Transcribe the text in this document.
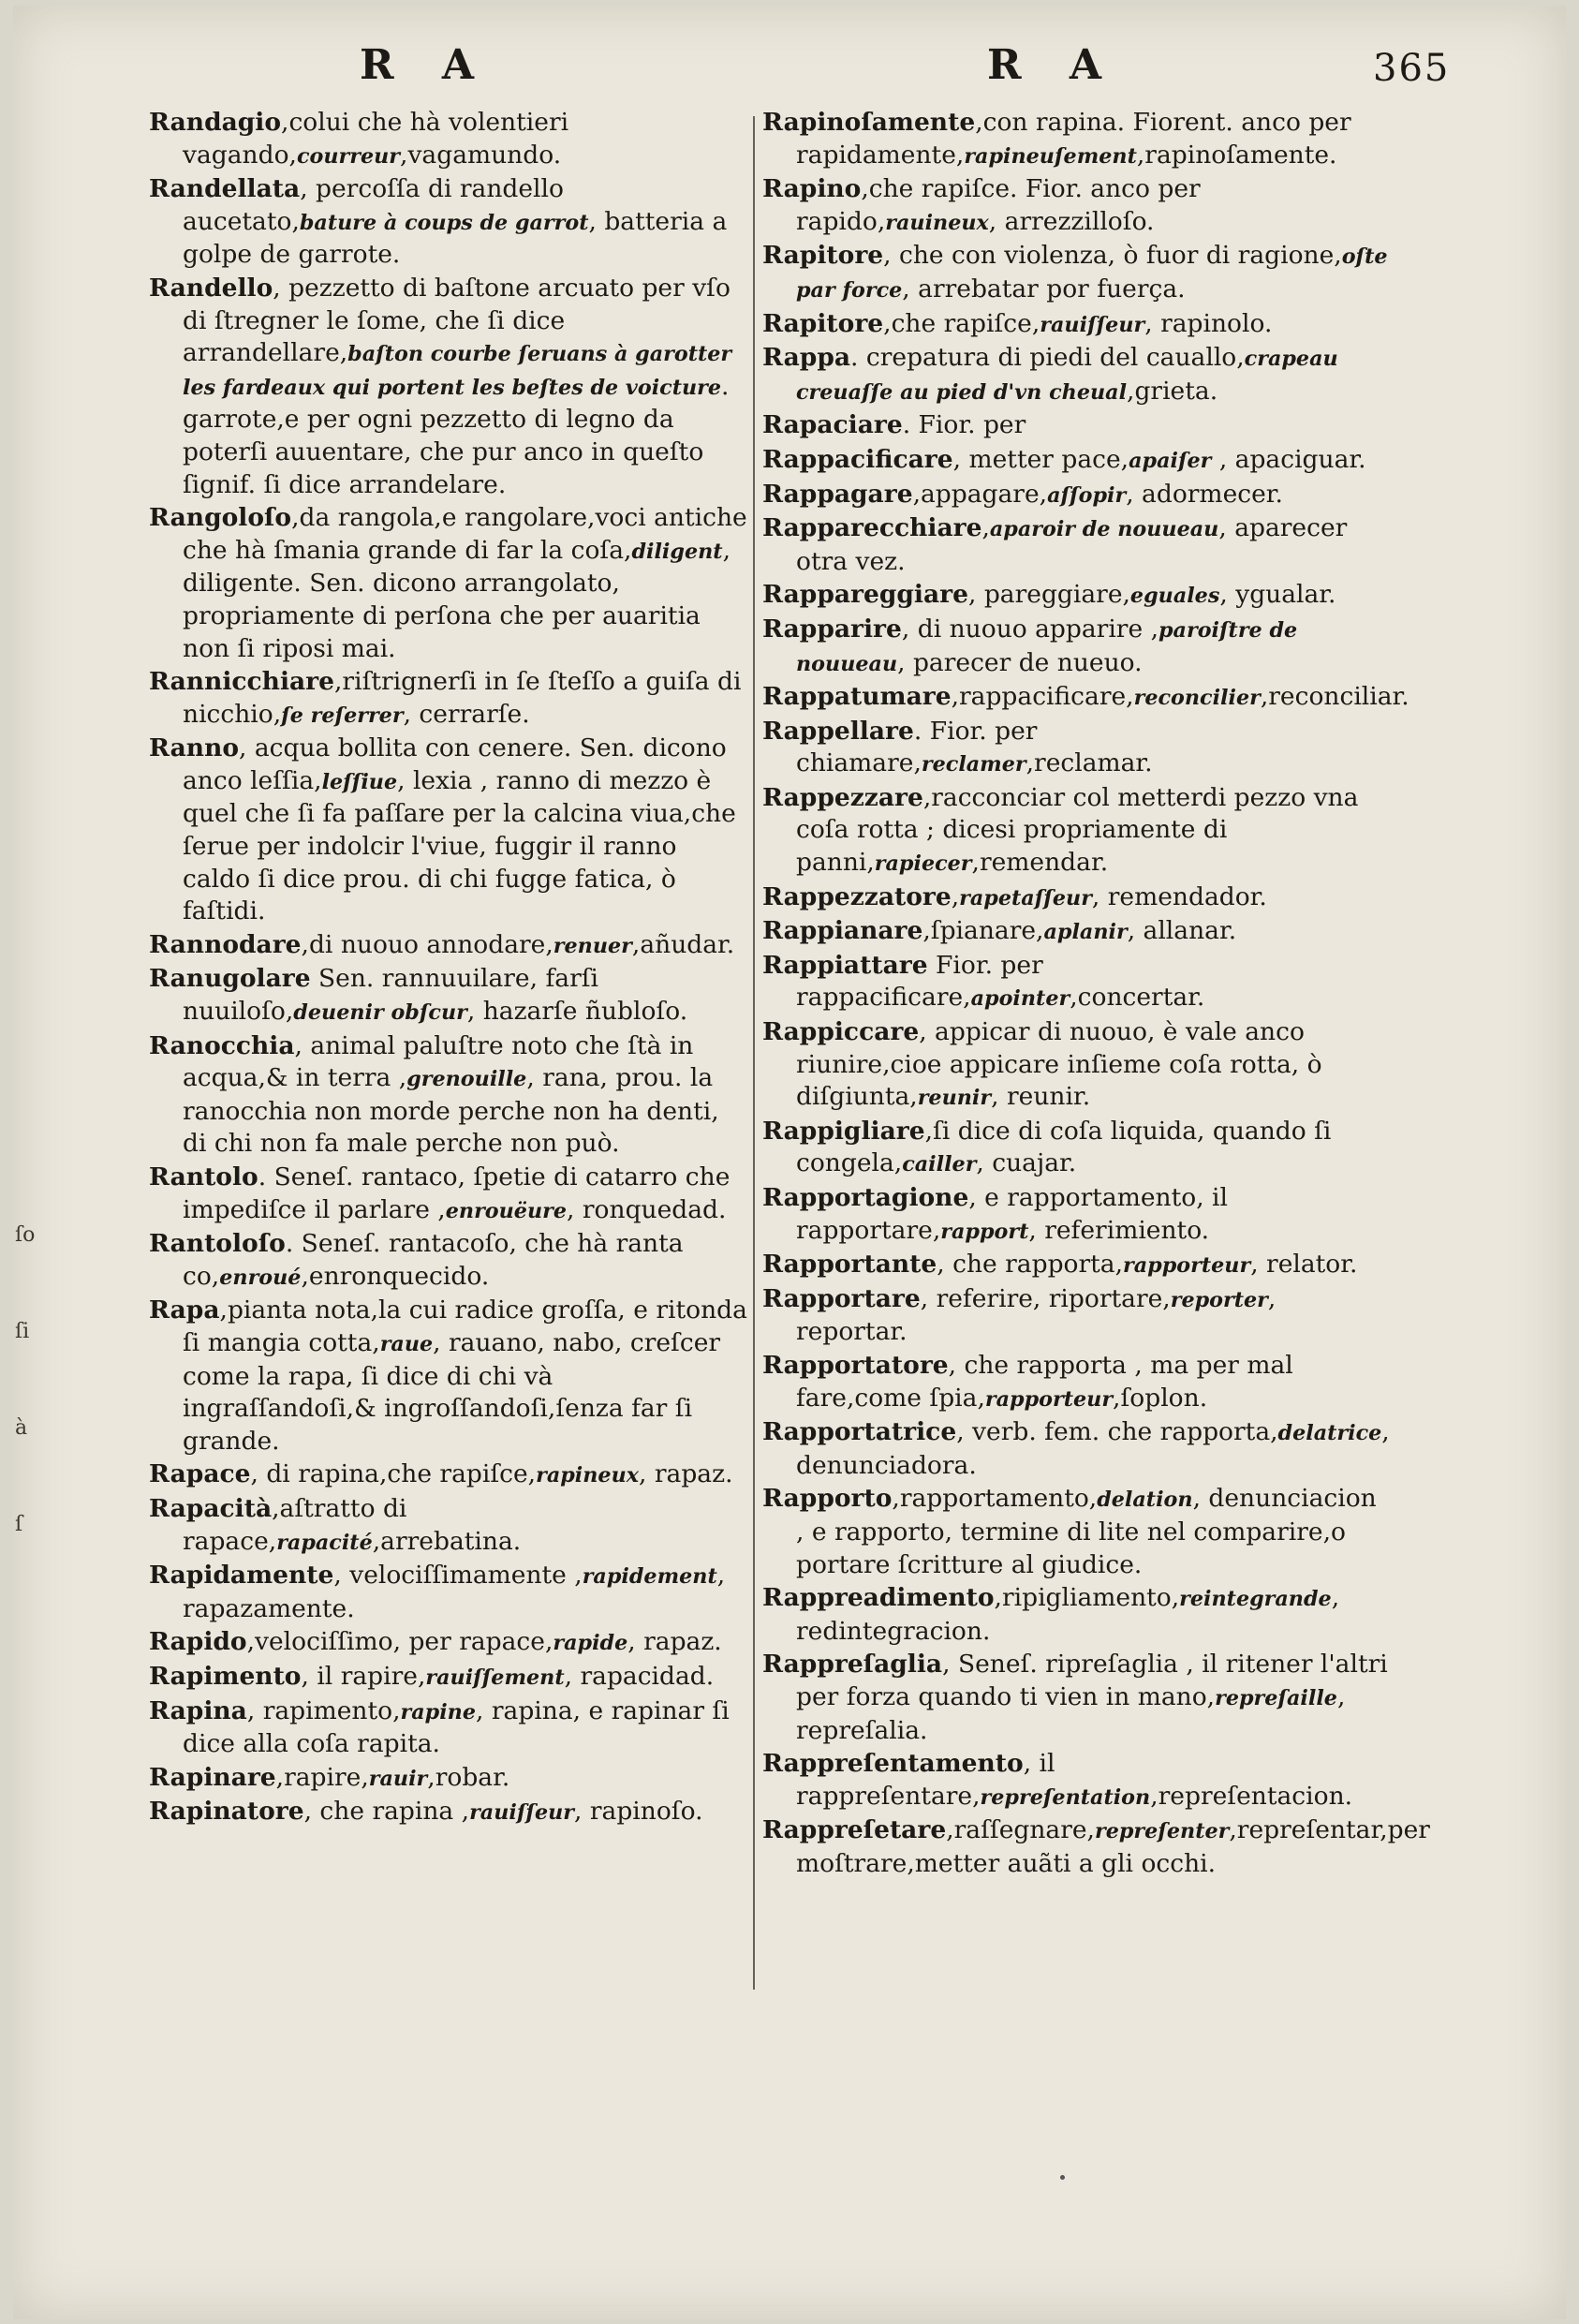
R A	R A	365

Randagio,colui che hà volentieri vagando,courreur,vagamundo.

Randellata, percoſſa di randello aucetato,bature à coups de garrot, batteria a golpe de garrote.

Randello, pezzetto di baſtone arcuato per vſo di ſtregner le ſome, che ſi dice arrandellare,baſton courbe ſeruans à garotter les fardeaux qui portent les beſtes de voicture. garrote,e per ogni pezzetto di legno da poterſi auuentare, che pur anco in queſto ſignif. ſi dice arrandelare.

Rangoloſo,da rangola,e rangolare,voci antiche che hà ſmania grande di far la coſa,diligent, diligente. Sen. dicono arrangolato, propriamente di perſona che per auaritia non ſi riposi mai.

Rannicchiare,riſtrignerſi in ſe ſteſſo a guiſa di nicchio,ſe reſerrer, cerrarſe.

Ranno, acqua bollita con cenere. Sen. dicono anco leſſia,leſſiue, lexia , ranno di mezzo è quel che ſi fa paſſare per la calcina viua,che ſerue per indolcir l'viue, fuggir il ranno caldo ſi dice prou. di chi fugge fatica, ò faſtidi.

Rannodare,di nuouo annodare,renuer,añudar.

Ranugolare Sen. rannuuilare, farſi nuuiloſo,deuenir obſcur, hazarſe ñubloſo.

Ranocchia, animal paluſtre noto che ſtà in acqua,& in terra ,grenouille, rana, prou. la ranocchia non morde perche non ha denti, di chi non fa male perche non può.

Rantolo. Seneſ. rantaco, ſpetie di catarro che impediſce il parlare ,enrouëure, ronquedad.

Rantoloſo. Seneſ. rantacoſo, che hà ranta co,enroué,enronquecido.

Rapa,pianta nota,la cui radice groſſa, e ritonda ſi mangia cotta,raue, rauano, nabo, creſcer come la rapa, ſi dice di chi và ingraſſandoſi,& ingroſſandoſi,ſenza far ſi grande.

Rapace, di rapina,che rapiſce,rapineux, rapaz.

Rapacità,aſtratto di rapace,rapacité,arrebatina.

Rapidamente, velociſſimamente ,rapidement, rapazamente.

Rapido,velociſſimo, per rapace,rapide, rapaz.

Rapimento, il rapire,rauiſſement, rapacidad.

Rapina, rapimento,rapine, rapina, e rapinar ſi dice alla coſa rapita.

Rapinare,rapire,rauir,robar.

Rapinatore, che rapina ,rauiſſeur, rapinoſo.

Rapinoſamente,con rapina. Fiorent. anco per rapidamente,rapineuſement,rapinoſamente.

Rapino,che rapiſce. Fior. anco per rapido,rauineux, arrezzilloſo.

Rapitore, che con violenza, ò fuor di ragione,oſte par force, arrebatar por fuerça.

Rapitore,che rapiſce,rauiſſeur, rapinolo.

Rappa. crepatura di piedi del cauallo,crapeau creuaſſe au pied d'vn cheual,grieta.

Rapaciare. Fior. per

Rappacificare, metter pace,apaiſer , apaciguar.

Rappagare,appagare,aſſopir, adormecer.

Rapparecchiare,aparoir de nouueau, aparecer otra vez.

Rappareggiare, pareggiare,eguales, ygualar.

Rapparire, di nuouo apparire ,paroiſtre de nouueau, parecer de nueuo.

Rappatumare,rappacificare,reconcilier,reconciliar.

Rappellare. Fior. per chiamare,reclamer,reclamar.

Rappezzare,racconciar col metterdi pezzo vna coſa rotta ; dicesi propriamente di panni,rapiecer,remendar.

Rappezzatore,rapetaſſeur, remendador.

Rappianare,ſpianare,aplanir, allanar.

Rappiattare Fior. per rappacificare,apointer,concertar.

Rappiccare, appicar di nuouo, è vale anco riunire,cioe appicare inſieme coſa rotta, ò diſgiunta,reunir, reunir.

Rappigliare,ſi dice di coſa liquida, quando ſi congela,cailler, cuajar.

Rapportagione, e rapportamento, il rapportare,rapport, referimiento.

Rapportante, che rapporta,rapporteur, relator.

Rapportare, referire, riportare,reporter, reportar.

Rapportatore, che rapporta , ma per mal fare,come ſpia,rapporteur,ſoplon.

Rapportatrice, verb. fem. che rapporta,delatrice, denunciadora.

Rapporto,rapportamento,delation, denunciacion , e rapporto, termine di lite nel comparire,o portare ſcritture al giudice.

Rappreadimento,ripigliamento,reintegrande, redintegracion.

Rappreſaglia, Seneſ. ripreſaglia , il ritener l'altri per forza quando ti vien in mano,repreſaille, repreſalia.

Rappreſentamento, il rappreſentare,repreſentation,repreſentacion.

Rappreſetare,raſſegnare,repreſenter,repreſentar,per moſtrare,metter auãti a gli occhi.

ſo
ſi
à
ſ
